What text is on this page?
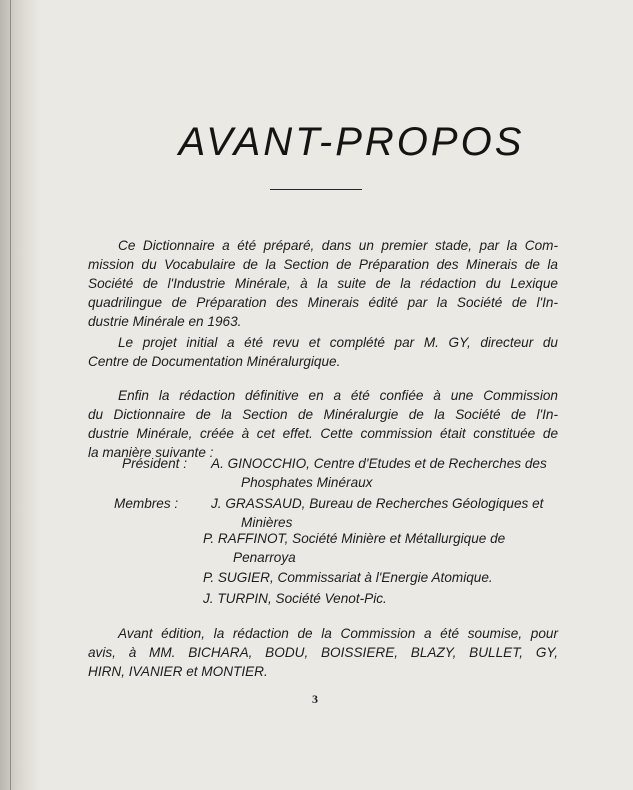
AVANT-PROPOS
Ce Dictionnaire a été préparé, dans un premier stade, par la Com-
mission du Vocabulaire de la Section de Préparation des Minerais de la
Société de l'Industrie Minérale, à la suite de la rédaction du Lexique
quadrilingue de Préparation des Minerais édité par la Société de l'In-
dustrie Minérale en 1963.
Le projet initial a été revu et complété par M. GY, directeur du
Centre de Documentation Minéralurgique.
Enfin la rédaction définitive en a été confiée à une Commission
du Dictionnaire de la Section de Minéralurgie de la Société de l'In-
dustrie Minérale, créée à cet effet. Cette commission était constituée de
la manière suivante :
Président : A. GINOCCHIO, Centre d'Etudes et de Recherches des
Phosphates Minéraux
Membres : J. GRASSAUD, Bureau de Recherches Géologiques et
Minières
P. RAFFINOT, Société Minière et Métallurgique de
Penarroya
P. SUGIER, Commissariat à l'Energie Atomique.
J. TURPIN, Société Venot-Pic.
Avant édition, la rédaction de la Commission a été soumise, pour
avis, à MM. BICHARA, BODU, BOISSIERE, BLAZY, BULLET, GY,
HIRN, IVANIER et MONTIER.
3
